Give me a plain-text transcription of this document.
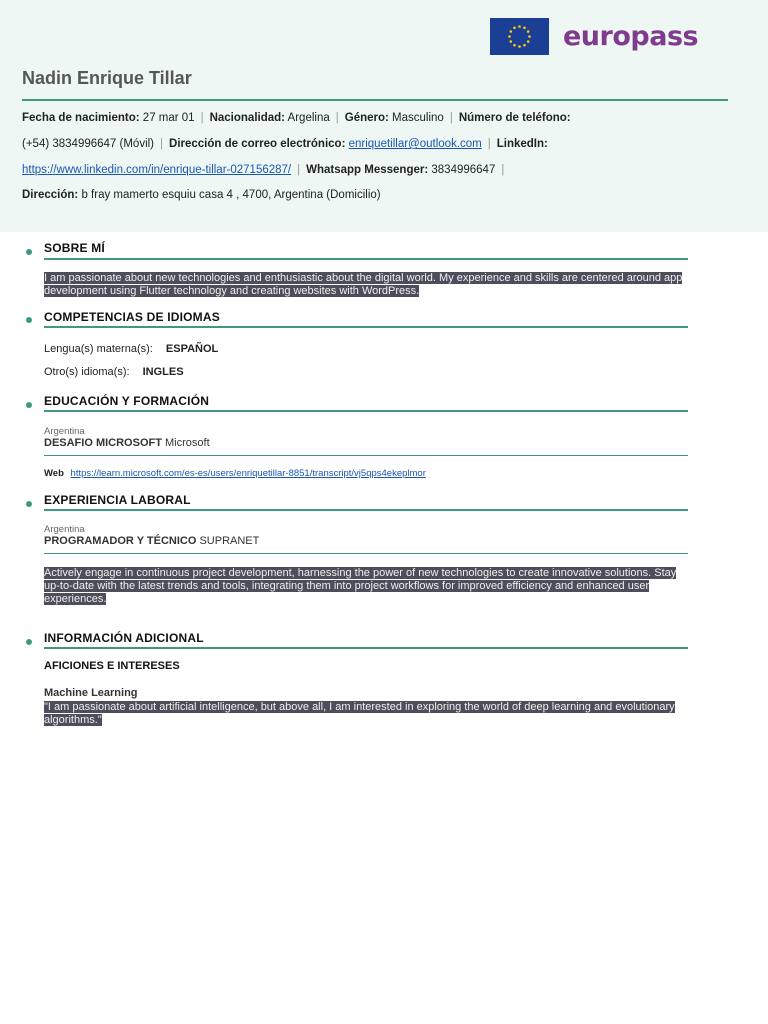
europass
Nadin Enrique Tillar
Fecha de nacimiento: 27 mar 01 | Nacionalidad: Argelina | Género: Masculino | Número de teléfono:
(+54) 3834996647 (Móvil) | Dirección de correo electrónico: enriquetillar@outlook.com | LinkedIn:
https://www.linkedin.com/in/enrique-tillar-027156287/ | Whatsapp Messenger: 3834996647 |
Dirección: b fray mamerto esquiu casa 4 , 4700, Argentina (Domicilio)
SOBRE MÍ
I am passionate about new technologies and enthusiastic about the digital world. My experience and skills are centered around app development using Flutter technology and creating websites with WordPress.
COMPETENCIAS DE IDIOMAS
Lengua(s) materna(s): ESPAÑOL
Otro(s) idioma(s): INGLES
EDUCACIÓN Y FORMACIÓN
Argentina
DESAFIO MICROSOFT Microsoft
Web https://learn.microsoft.com/es-es/users/enriquetillar-8851/transcript/vj5qps4ekeplmor
EXPERIENCIA LABORAL
Argentina
PROGRAMADOR Y TÉCNICO SUPRANET
Actively engage in continuous project development, harnessing the power of new technologies to create innovative solutions. Stay up-to-date with the latest trends and tools, integrating them into project workflows for improved efficiency and enhanced user experiences.
INFORMACIÓN ADICIONAL
AFICIONES E INTERESES
Machine Learning
"I am passionate about artificial intelligence, but above all, I am interested in exploring the world of deep learning and evolutionary algorithms."
